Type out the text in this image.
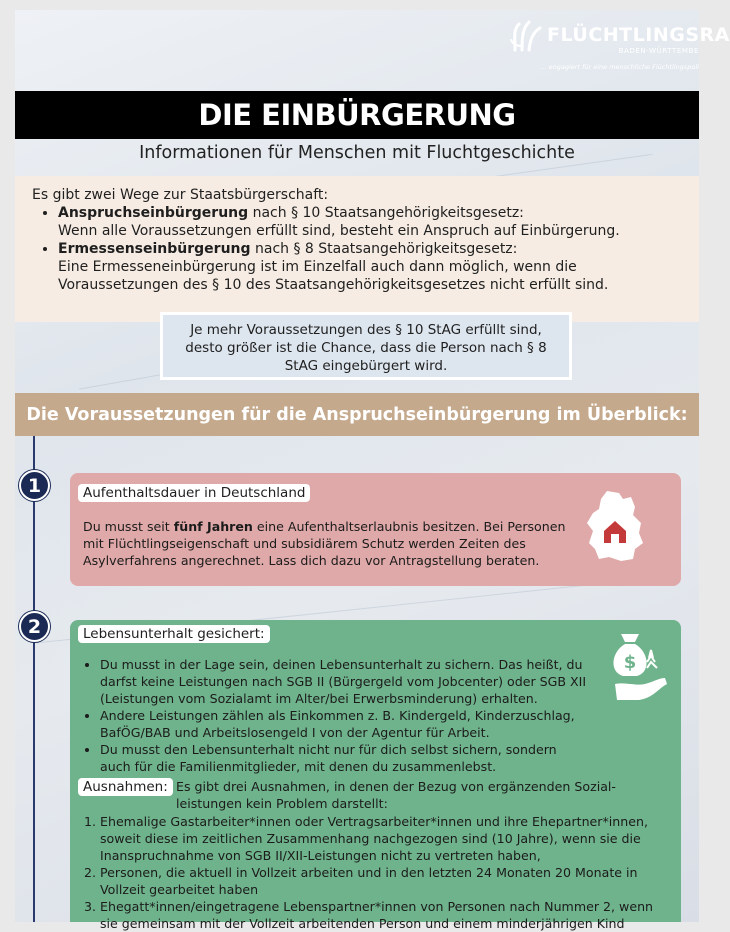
FLÜCHTLINGSRA
BADEN-WÜRTTEMBE
... engagiert für eine menschliche Flüchtlingspoli
DIE EINBÜRGERUNG
Informationen für Menschen mit Fluchtgeschichte
Es gibt zwei Wege zur Staatsbürgerschaft:
• Anspruchseinbürgerung nach § 10 Staatsangehörigkeitsgesetz:
Wenn alle Voraussetzungen erfüllt sind, besteht ein Anspruch auf Einbürgerung.
• Ermessenseinbürgerung nach § 8 Staatsangehörigkeitsgesetz:
Eine Ermesseneinbürgerung ist im Einzelfall auch dann möglich, wenn die
Voraussetzungen des § 10 des Staatsangehörigkeitsgesetzes nicht erfüllt sind.
Je mehr Voraussetzungen des § 10 StAG erfüllt sind,
desto größer ist die Chance, dass die Person nach § 8
StAG eingebürgert wird.
Die Voraussetzungen für die Anspruchseinbürgerung im Überblick:
1	Aufenthaltsdauer in Deutschland
Du musst seit fünf Jahren eine Aufenthaltserlaubnis besitzen. Bei Personen
mit Flüchtlingseigenschaft und subsidiärem Schutz werden Zeiten des
Asylverfahrens angerechnet. Lass dich dazu vor Antragstellung beraten.
2	Lebensunterhalt gesichert:
$
• Du musst in der Lage sein, deinen Lebensunterhalt zu sichern. Das heißt, du
darfst keine Leistungen nach SGB II (Bürgergeld vom Jobcenter) oder SGB XII
(Leistungen vom Sozialamt im Alter/bei Erwerbsminderung) erhalten.
• Andere Leistungen zählen als Einkommen z. B. Kindergeld, Kinderzuschlag,
BafÖG/BAB und Arbeitslosengeld I von der Agentur für Arbeit.
• Du musst den Lebensunterhalt nicht nur für dich selbst sichern, sondern
auch für die Familienmitglieder, mit denen du zusammenlebst.
Ausnahmen: Es gibt drei Ausnahmen, in denen der Bezug von ergänzenden Sozial-
leistungen kein Problem darstellt:
1. Ehemalige Gastarbeiter*innen oder Vertragsarbeiter*innen und ihre Ehepartner*innen,
soweit diese im zeitlichen Zusammenhang nachgezogen sind (10 Jahre), wenn sie die
Inanspruchnahme von SGB II/XII-Leistungen nicht zu vertreten haben,
2. Personen, die aktuell in Vollzeit arbeiten und in den letzten 24 Monaten 20 Monate in
Vollzeit gearbeitet haben
3. Ehegatt*innen/eingetragene Lebenspartner*innen von Personen nach Nummer 2, wenn
sie gemeinsam mit der Vollzeit arbeitenden Person und einem minderjährigen Kind
